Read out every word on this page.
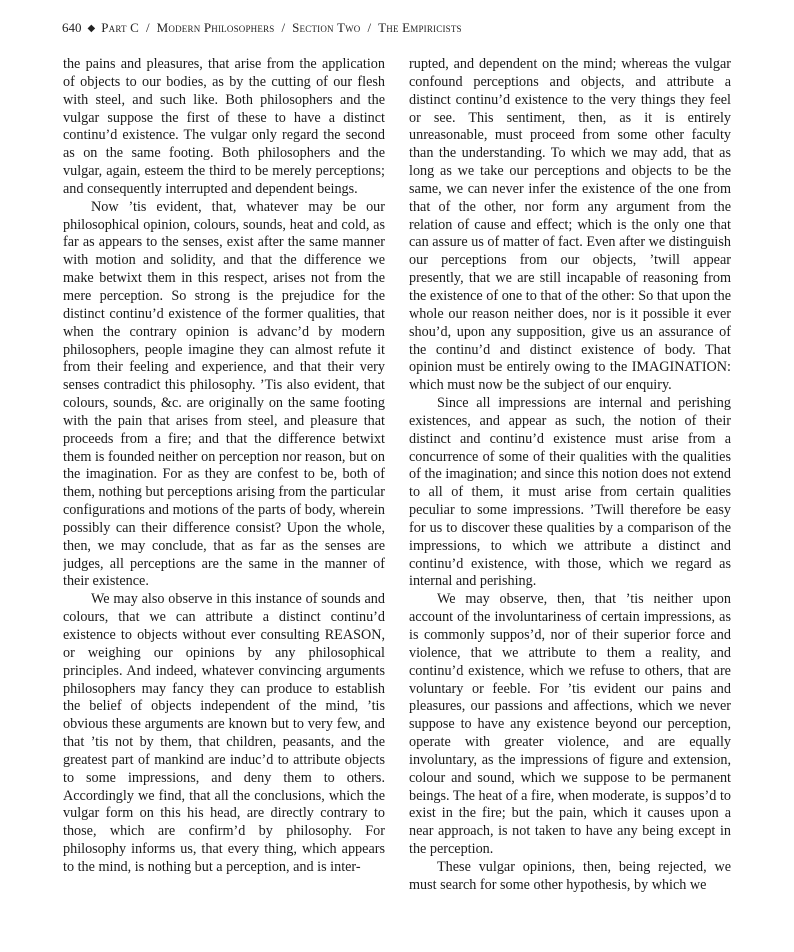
640 ◆ Part C / Modern Philosophers / Section Two / The Empiricists

the pains and pleasures, that arise from the application of objects to our bodies, as by the cutting of our flesh with steel, and such like. Both philosophers and the vulgar suppose the first of these to have a distinct continu’d existence. The vulgar only regard the second as on the same footing. Both philosophers and the vulgar, again, esteem the third to be merely perceptions; and consequently interrupted and dependent beings.

Now ’tis evident, that, whatever may be our philosophical opinion, colours, sounds, heat and cold, as far as appears to the senses, exist after the same manner with motion and solidity, and that the difference we make betwixt them in this respect, arises not from the mere perception. So strong is the prejudice for the distinct continu’d existence of the former qualities, that when the contrary opinion is advanc’d by modern philosophers, people imagine they can almost refute it from their feeling and experience, and that their very senses contradict this philosophy. ’Tis also evident, that colours, sounds, &c. are originally on the same footing with the pain that arises from steel, and pleasure that proceeds from a fire; and that the difference betwixt them is founded neither on perception nor reason, but on the imagination. For as they are confest to be, both of them, nothing but perceptions arising from the particular configurations and motions of the parts of body, wherein possibly can their difference consist? Upon the whole, then, we may conclude, that as far as the senses are judges, all perceptions are the same in the manner of their existence.

We may also observe in this instance of sounds and colours, that we can attribute a distinct continu’d existence to objects without ever consulting REASON, or weighing our opinions by any philosophical principles. And indeed, whatever convincing arguments philosophers may fancy they can produce to establish the belief of objects independent of the mind, ’tis obvious these arguments are known but to very few, and that ’tis not by them, that children, peasants, and the greatest part of mankind are induc’d to attribute objects to some impressions, and deny them to others. Accordingly we find, that all the conclusions, which the vulgar form on this his head, are directly contrary to those, which are confirm’d by philosophy. For philosophy informs us, that every thing, which appears to the mind, is nothing but a perception, and is inter-

rupted, and dependent on the mind; whereas the vulgar confound perceptions and objects, and attribute a distinct continu’d existence to the very things they feel or see. This sentiment, then, as it is entirely unreasonable, must proceed from some other faculty than the understanding. To which we may add, that as long as we take our perceptions and objects to be the same, we can never infer the existence of the one from that of the other, nor form any argument from the relation of cause and effect; which is the only one that can assure us of matter of fact. Even after we distinguish our perceptions from our objects, ’twill appear presently, that we are still incapable of reasoning from the existence of one to that of the other: So that upon the whole our reason neither does, nor is it possible it ever shou’d, upon any supposition, give us an assurance of the continu’d and distinct existence of body. That opinion must be entirely owing to the IMAGINATION: which must now be the subject of our enquiry.

Since all impressions are internal and perishing existences, and appear as such, the notion of their distinct and continu’d existence must arise from a concurrence of some of their qualities with the qualities of the imagination; and since this notion does not extend to all of them, it must arise from certain qualities peculiar to some impressions. ’Twill therefore be easy for us to discover these qualities by a comparison of the impressions, to which we attribute a distinct and continu’d existence, with those, which we regard as internal and perishing.

We may observe, then, that ’tis neither upon account of the involuntariness of certain impressions, as is commonly suppos’d, nor of their superior force and violence, that we attribute to them a reality, and continu’d existence, which we refuse to others, that are voluntary or feeble. For ’tis evident our pains and pleasures, our passions and affections, which we never suppose to have any existence beyond our perception, operate with greater violence, and are equally involuntary, as the impressions of figure and extension, colour and sound, which we suppose to be permanent beings. The heat of a fire, when moderate, is suppos’d to exist in the fire; but the pain, which it causes upon a near approach, is not taken to have any being except in the perception.

These vulgar opinions, then, being rejected, we must search for some other hypothesis, by which we
